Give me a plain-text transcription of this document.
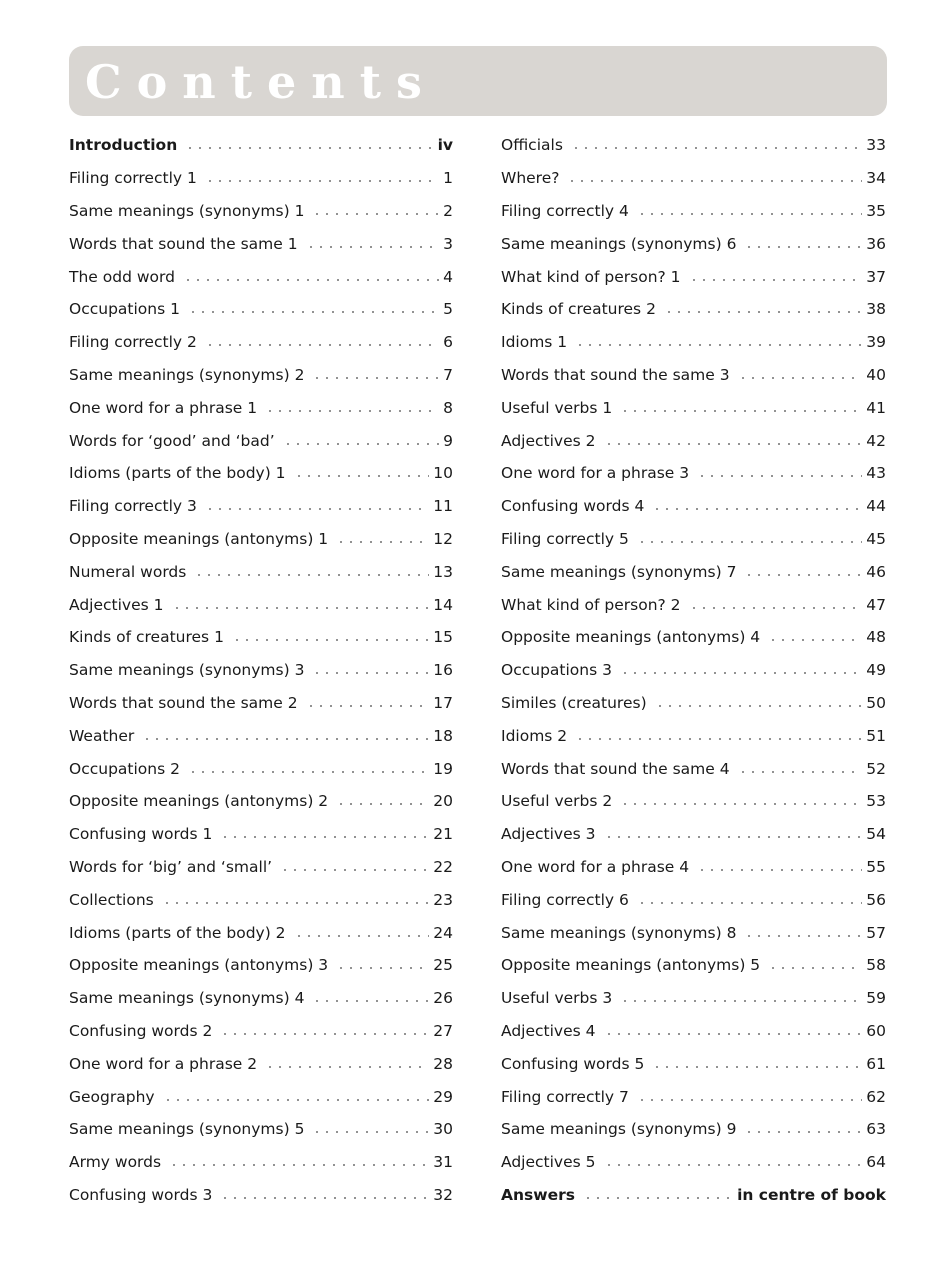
Contents
Introduction	iv
Filing correctly 1	1
Same meanings (synonyms) 1	2
Words that sound the same 1	3
The odd word	4
Occupations 1	5
Filing correctly 2	6
Same meanings (synonyms) 2	7
One word for a phrase 1	8
Words for ‘good’ and ‘bad’	9
Idioms (parts of the body) 1	10
Filing correctly 3	11
Opposite meanings (antonyms) 1	12
Numeral words	13
Adjectives 1	14
Kinds of creatures 1	15
Same meanings (synonyms) 3	16
Words that sound the same 2	17
Weather	18
Occupations 2	19
Opposite meanings (antonyms) 2	20
Confusing words 1	21
Words for ‘big’ and ‘small’	22
Collections	23
Idioms (parts of the body) 2	24
Opposite meanings (antonyms) 3	25
Same meanings (synonyms) 4	26
Confusing words 2	27
One word for a phrase 2	28
Geography	29
Same meanings (synonyms) 5	30
Army words	31
Confusing words 3	32
Officials	33
Where?	34
Filing correctly 4	35
Same meanings (synonyms) 6	36
What kind of person? 1	37
Kinds of creatures 2	38
Idioms 1	39
Words that sound the same 3	40
Useful verbs 1	41
Adjectives 2	42
One word for a phrase 3	43
Confusing words 4	44
Filing correctly 5	45
Same meanings (synonyms) 7	46
What kind of person? 2	47
Opposite meanings (antonyms) 4	48
Occupations 3	49
Similes (creatures)	50
Idioms 2	51
Words that sound the same 4	52
Useful verbs 2	53
Adjectives 3	54
One word for a phrase 4	55
Filing correctly 6	56
Same meanings (synonyms) 8	57
Opposite meanings (antonyms) 5	58
Useful verbs 3	59
Adjectives 4	60
Confusing words 5	61
Filing correctly 7	62
Same meanings (synonyms) 9	63
Adjectives 5	64
Answers	in centre of book
